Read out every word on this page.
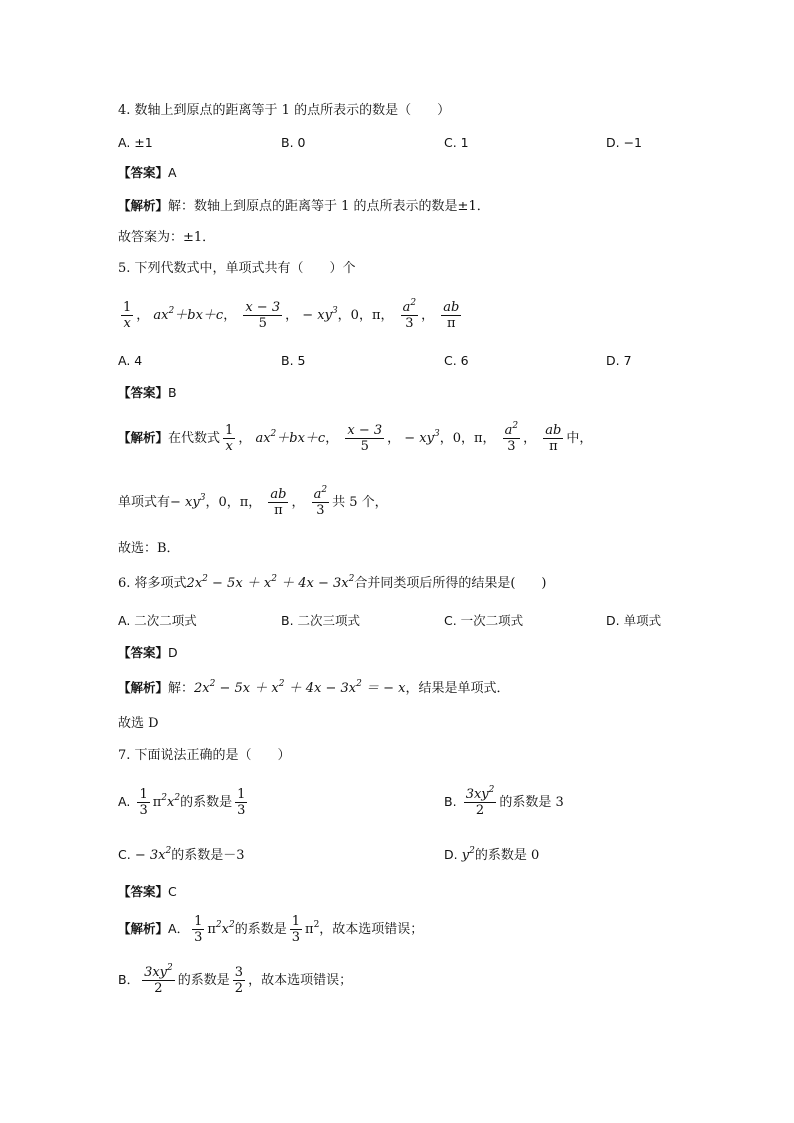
4. 数轴上到原点的距离等于 1 的点所表示的数是（　　）
A. ±1	B. 0	C. 1	D. −1
【答案】A
【解析】解：数轴上到原点的距离等于 1 的点所表示的数是±1．
故答案为：±1．
5. 下列代数式中，单项式共有（　　）个
$\frac{1}{x}$ ， $ax^2+bx+c$， $\frac{x - 3}{5}$ ， − $xy^3$，0，π， $\frac{a^2}{3}$ ， $\frac{ab}{\pi}$
A. 4	B. 5	C. 6	D. 7
【答案】B
【解析】在代数式 $\frac{1}{x}$ ， $ax^2+bx+c$， $\frac{x - 3}{5}$ ， − $xy^3$，0，π， $\frac{a^2}{3}$ ， $\frac{ab}{\pi}$ 中，
单项式有− $xy^3$，0，π， $\frac{ab}{\pi}$ ， $\frac{a^2}{3}$ 共 5 个，
故选：B．
6. 将多项式$2x^2 - 5x + x^2 + 4x - 3x^2$合并同类项后所得的结果是(　　)
A. 二次二项式	B. 二次三项式	C. 一次二项式	D. 单项式
【答案】D
【解析】解：$2x^2 - 5x + x^2 + 4x - 3x^2$ ＝ − x，结果是单项式．
故选 D
7. 下面说法正确的是（　　）
A. $\frac{1}{3} \pi^2x^2$的系数是 $\frac{1}{3}$	B. $\frac{3xy^2}{2}$ 的系数是 3
C. − $3x^2$的系数是－3	D. $y^2$的系数是 0
【答案】C
【解析】A． $\frac{1}{3} \pi^2x^2$的系数是 $\frac{1}{3} \pi^2$，故本选项错误；
B． $\frac{3xy^2}{2}$ 的系数是 $\frac{3}{2}$ ，故本选项错误；
